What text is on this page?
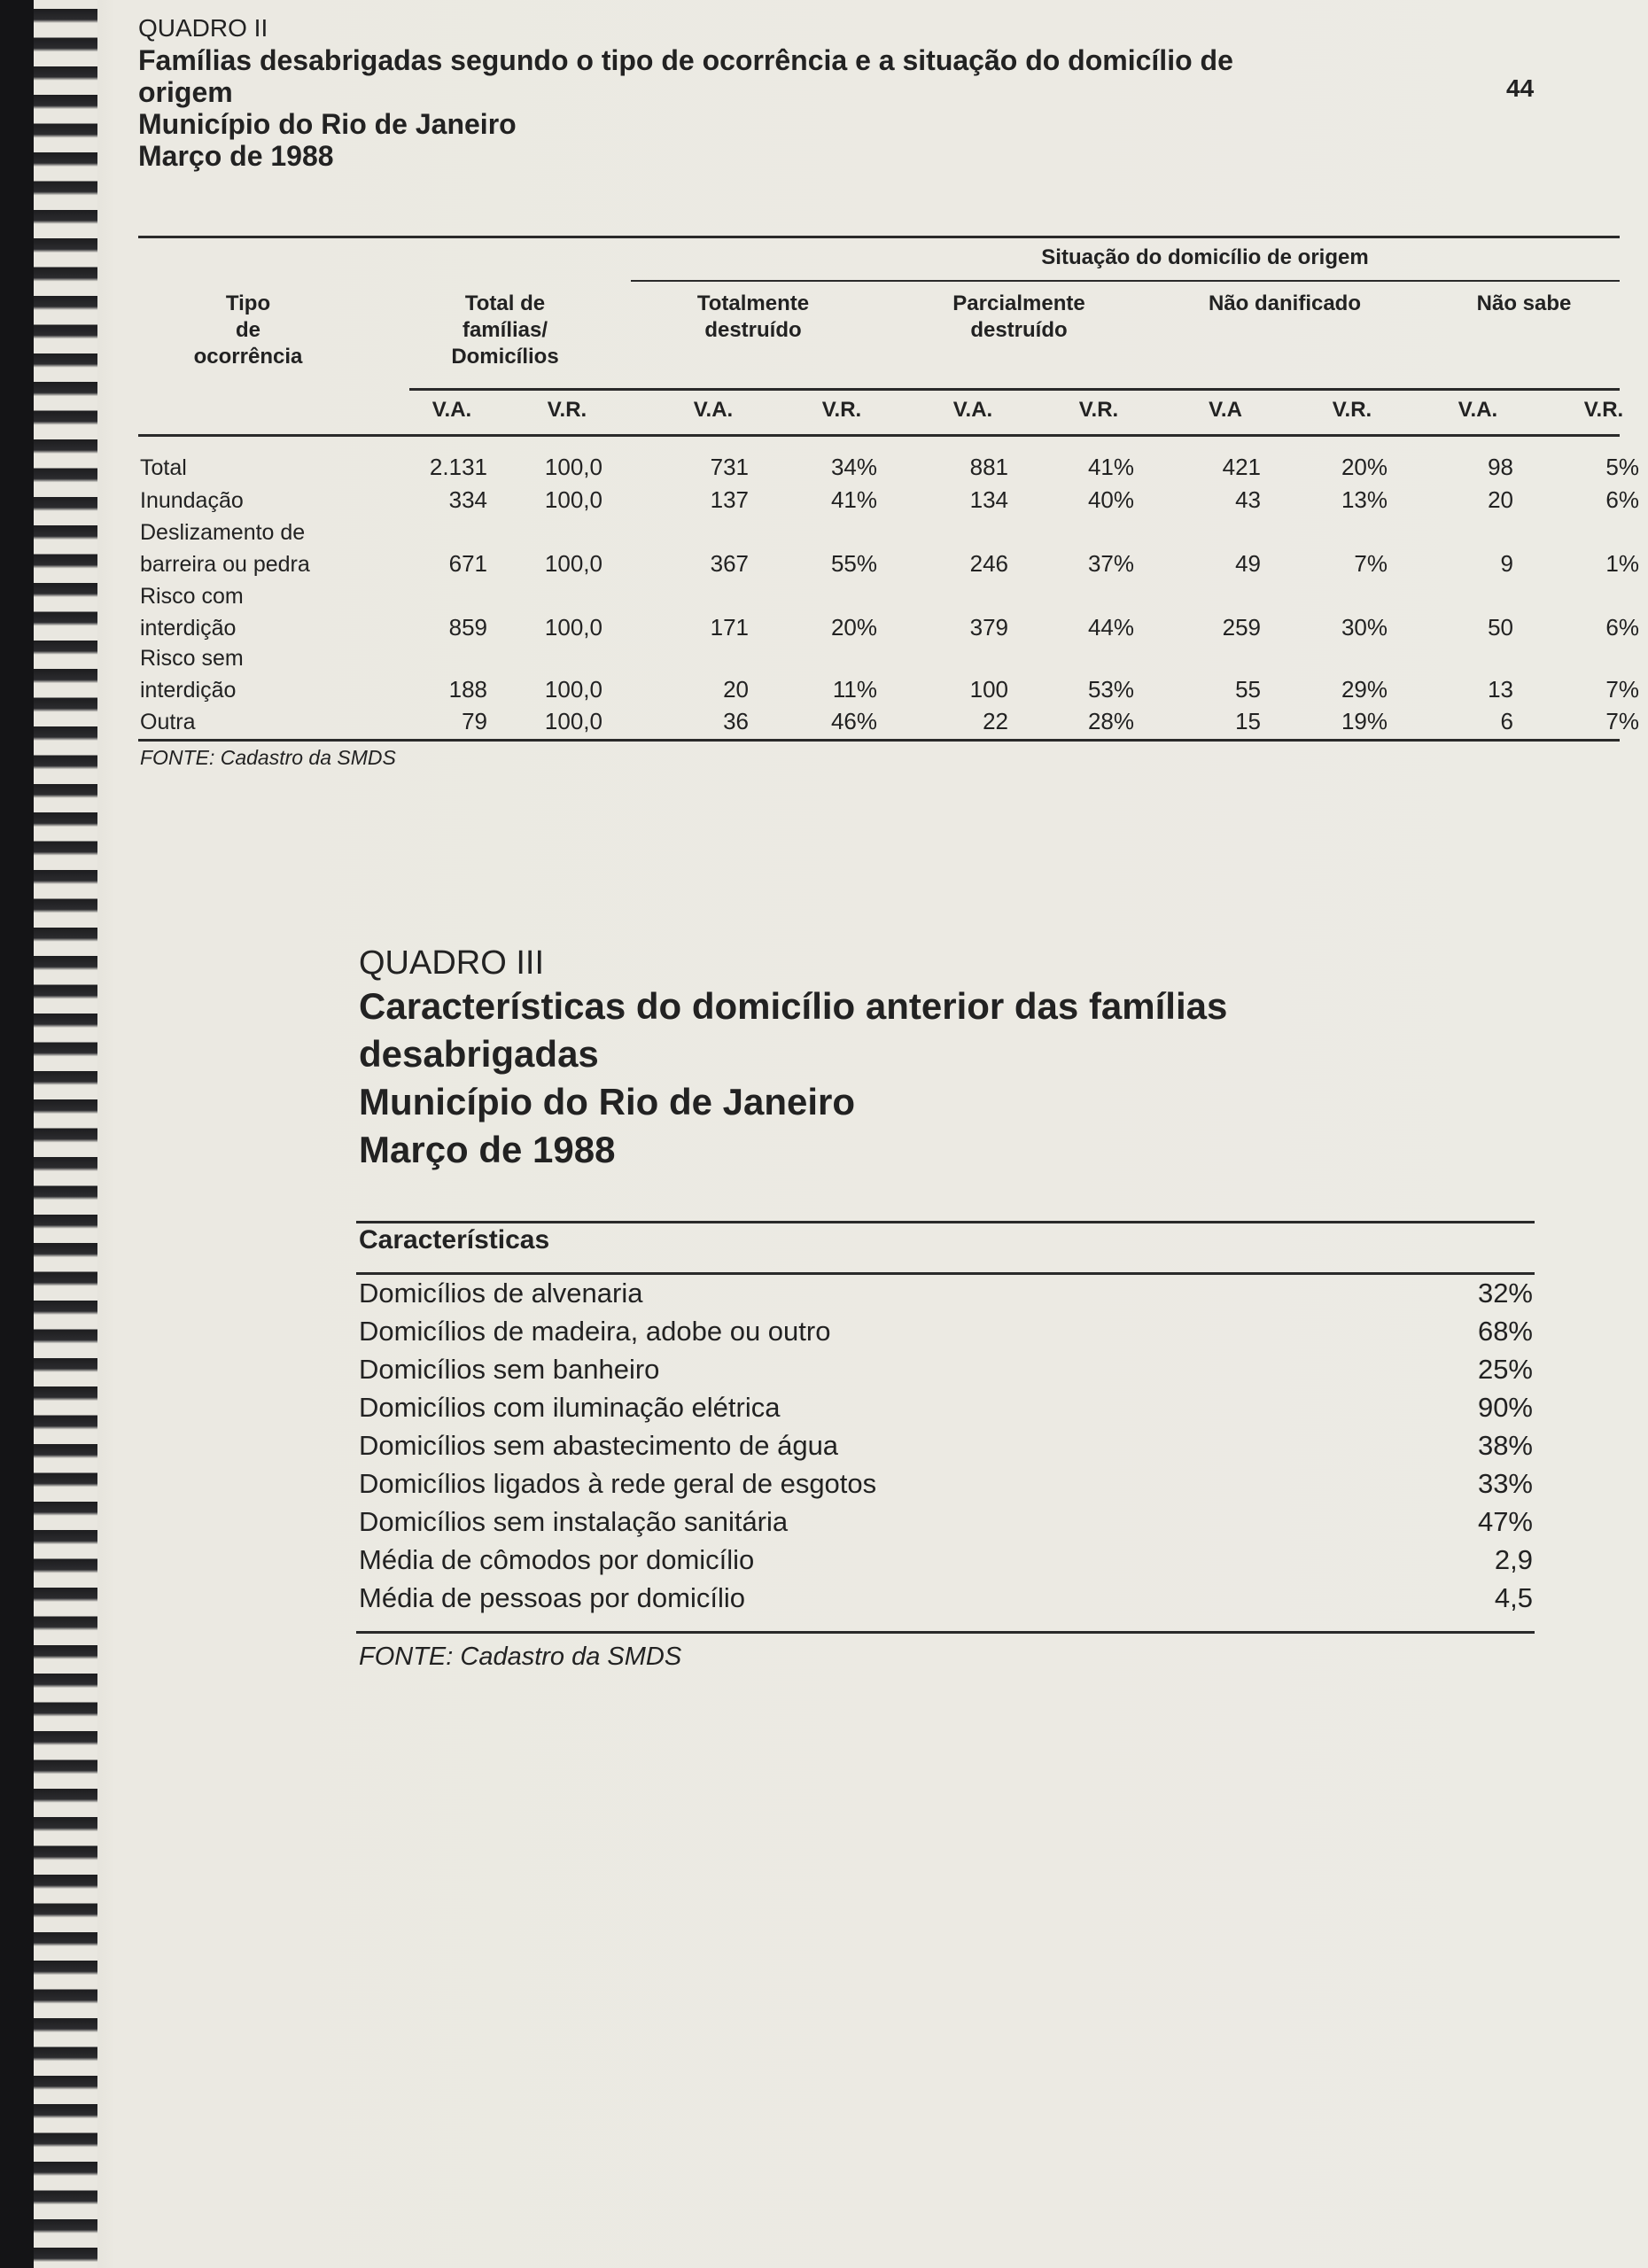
44
QUADRO II
Famílias desabrigadas segundo o tipo de ocorrência e a situação do domicílio de
origem
Município do Rio de Janeiro
Março de 1988
Situação do domicílio de origem
Tipo
de
ocorrência
Total de
famílias/
Domicílios
Totalmente
destruído
Parcialmente
destruído
Não danificado	Não sabe
V.A.	V.R.	V.A.	V.R.	V.A.	V.R.	V.A	V.R.	V.A.	V.R.
Total	2.131	100,0	731	34%	881	41%	421	20%	98	5%
Inundação	334	100,0	137	41%	134	40%	43	13%	20	6%
Deslizamento de
barreira ou pedra	671	100,0	367	55%	246	37%	49	7%	9	1%
Risco com
interdição	859	100,0	171	20%	379	44%	259	30%	50	6%
Risco sem
interdição	188	100,0	20	11%	100	53%	55	29%	13	7%
Outra	79	100,0	36	46%	22	28%	15	19%	6	7%
FONTE: Cadastro da SMDS
QUADRO III
Características do domicílio anterior das famílias
desabrigadas
Município do Rio de Janeiro
Março de 1988
Características
Domicílios de alvenaria	32%
Domicílios de madeira, adobe ou outro	68%
Domicílios sem banheiro	25%
Domicílios com iluminação elétrica	90%
Domicílios sem abastecimento de água	38%
Domicílios ligados à rede geral de esgotos	33%
Domicílios sem instalação sanitária	47%
Média de cômodos por domicílio	2,9
Média de pessoas por domicílio	4,5
FONTE: Cadastro da SMDS
